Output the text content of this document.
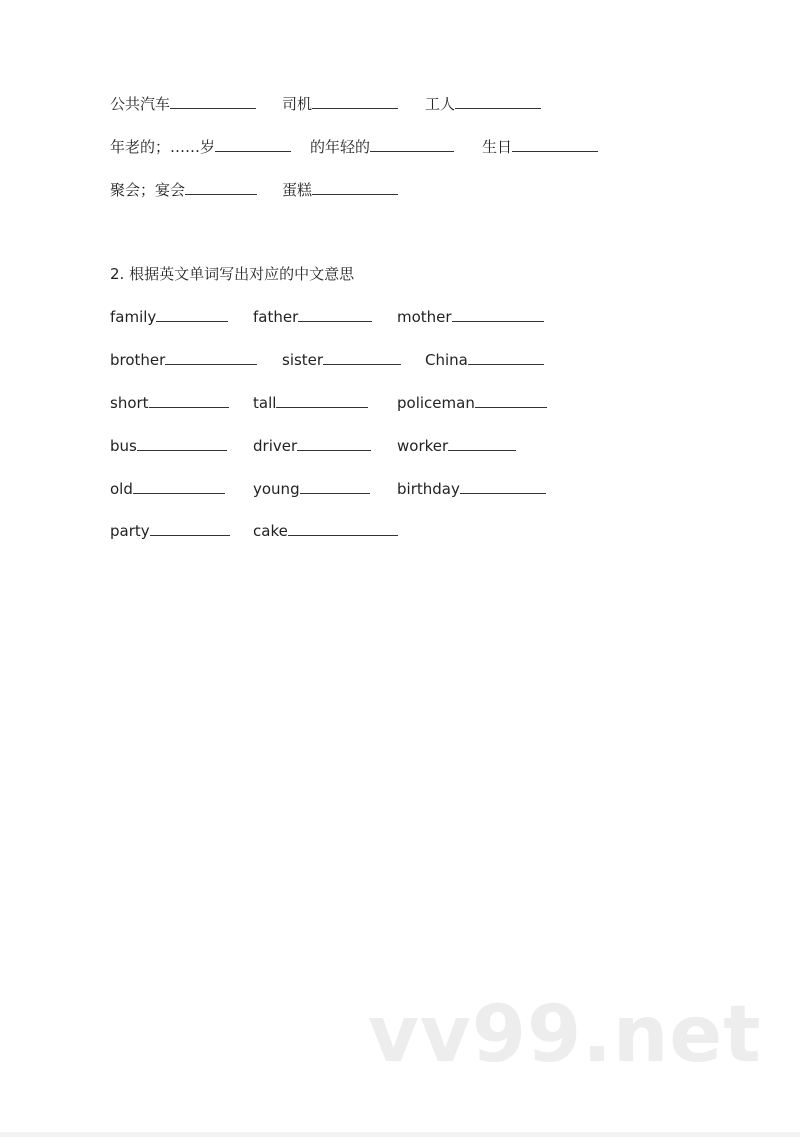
公共汽车	司机	工人
年老的；……岁	的年轻的	生日
聚会；宴会	蛋糕
2. 根据英文单词写出对应的中文意思
family	father	mother
brother	sister	China
short	tall	policeman
bus	driver	worker
old	young	birthday
party	cake
vv99.net
